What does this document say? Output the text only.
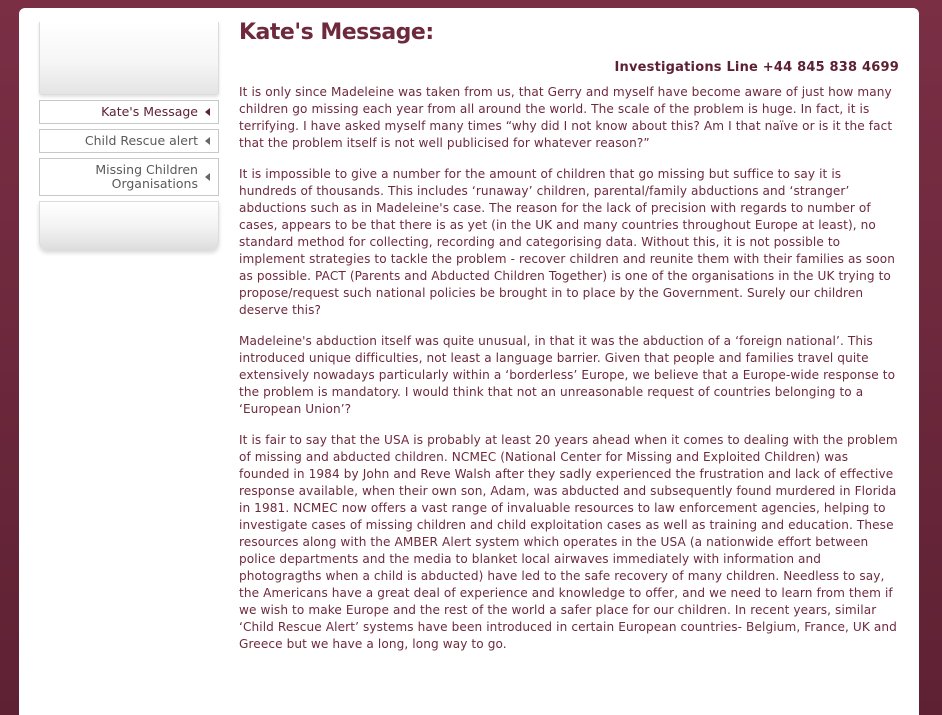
Kate's Message
Child Rescue alert
Missing Children Organisations
Kate's Message:
Investigations Line +44 845 838 4699

It is only since Madeleine was taken from us, that Gerry and myself have become aware of just how many children go missing each year from all around the world. The scale of the problem is huge. In fact, it is terrifying. I have asked myself many times “why did I not know about this? Am I that naïve or is it the fact that the problem itself is not well publicised for whatever reason?”

It is impossible to give a number for the amount of children that go missing but suffice to say it is hundreds of thousands. This includes ‘runaway’ children, parental/family abductions and ‘stranger’ abductions such as in Madeleine's case. The reason for the lack of precision with regards to number of cases, appears to be that there is as yet (in the UK and many countries throughout Europe at least), no standard method for collecting, recording and categorising data. Without this, it is not possible to implement strategies to tackle the problem - recover children and reunite them with their families as soon as possible. PACT (Parents and Abducted Children Together) is one of the organisations in the UK trying to propose/request such national policies be brought in to place by the Government. Surely our children deserve this?

Madeleine's abduction itself was quite unusual, in that it was the abduction of a ‘foreign national’. This introduced unique difficulties, not least a language barrier. Given that people and families travel quite extensively nowadays particularly within a ‘borderless’ Europe, we believe that a Europe-wide response to the problem is mandatory. I would think that not an unreasonable request of countries belonging to a ‘European Union’?

It is fair to say that the USA is probably at least 20 years ahead when it comes to dealing with the problem of missing and abducted children. NCMEC (National Center for Missing and Exploited Children) was founded in 1984 by John and Reve Walsh after they sadly experienced the frustration and lack of effective response available, when their own son, Adam, was abducted and subsequently found murdered in Florida in 1981. NCMEC now offers a vast range of invaluable resources to law enforcement agencies, helping to investigate cases of missing children and child exploitation cases as well as training and education. These resources along with the AMBER Alert system which operates in the USA (a nationwide effort between police departments and the media to blanket local airwaves immediately with information and photogragths when a child is abducted) have led to the safe recovery of many children. Needless to say, the Americans have a great deal of experience and knowledge to offer, and we need to learn from them if we wish to make Europe and the rest of the world a safer place for our children. In recent years, similar ‘Child Rescue Alert’ systems have been introduced in certain European countries- Belgium, France, UK and Greece but we have a long, long way to go.
